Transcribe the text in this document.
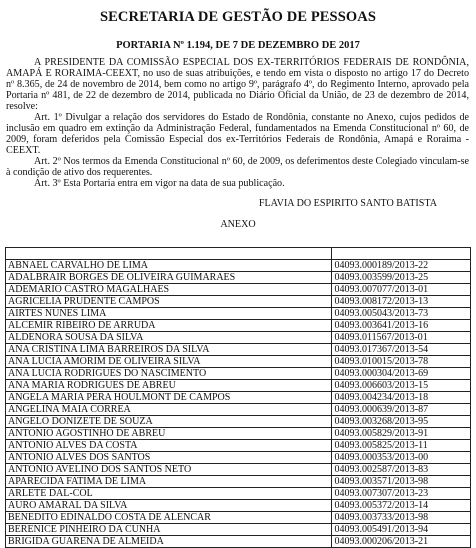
SECRETARIA DE GESTÃO DE PESSOAS
PORTARIA Nº 1.194, DE 7 DE DEZEMBRO DE 2017

A PRESIDENTE DA COMISSÃO ESPECIAL DOS EX-TERRITÓRIOS FEDERAIS DE RONDÔNIA, AMAPÁ E RORAIMA-CEEXT, no uso de suas atribuições, e tendo em vista o disposto no artigo 17 do Decreto nº 8.365, de 24 de novembro de 2014, bem como no artigo 9º, parágrafo 4º, do Regimento Interno, aprovado pela Portaria nº 481, de 22 de dezembro de 2014, publicada no Diário Oficial da União, de 23 de dezembro de 2014, resolve:

Art. 1º Divulgar a relação dos servidores do Estado de Rondônia, constante no Anexo, cujos pedidos de inclusão em quadro em extinção da Administração Federal, fundamentados na Emenda Constitucional nº 60, de 2009, foram deferidos pela Comissão Especial dos ex-Territórios Federais de Rondônia, Amapá e Roraima - CEEXT.

Art. 2º Nos termos da Emenda Constitucional nº 60, de 2009, os deferimentos deste Colegiado vinculam-se à condição de ativo dos requerentes.

Art. 3º Esta Portaria entra em vigor na data de sua publicação.

FLAVIA DO ESPIRITO SANTO BATISTA
ANEXO

ABNAEL CARVALHO DE LIMA	04093.000189/2013-22
ADALBRAIR BORGES DE OLIVEIRA GUIMARAES	04093.003599/2013-25
ADEMARIO CASTRO MAGALHAES	04093.007077/2013-01
AGRICELIA PRUDENTE CAMPOS	04093.008172/2013-13
AIRTES NUNES LIMA	04093.005043/2013-73
ALCEMIR RIBEIRO DE ARRUDA	04093.003641/2013-16
ALDENORA SOUSA DA SILVA	04093.011567/2013-01
ANA CRISTINA LIMA BARREIROS DA SILVA	04093.017367/2013-54
ANA LUCIA AMORIM DE OLIVEIRA SILVA	04093.010015/2013-78
ANA LUCIA RODRIGUES DO NASCIMENTO	04093.000304/2013-69
ANA MARIA RODRIGUES DE ABREU	04093.006603/2013-15
ANGELA MARIA PERA HOULMONT DE CAMPOS	04093.004234/2013-18
ANGELINA MAIA CORREA	04093.000639/2013-87
ANGELO DONIZETE DE SOUZA	04093.003268/2013-95
ANTONIO AGOSTINHO DE ABREU	04093.005829/2013-91
ANTONIO ALVES DA COSTA	04093.005825/2013-11
ANTONIO ALVES DOS SANTOS	04093.000353/2013-00
ANTONIO AVELINO DOS SANTOS NETO	04093.002587/2013-83
APARECIDA FATIMA DE LIMA	04093.003571/2013-98
ARLETE DAL-COL	04093.007307/2013-23
AURO AMARAL DA SILVA	04093.005372/2013-14
BENEDITO EDINALDO COSTA DE ALENCAR	04093.003733/2013-98
BERENICE PINHEIRO DA CUNHA	04093.005491/2013-94
BRIGIDA GUARENA DE ALMEIDA	04093.000206/2013-21
